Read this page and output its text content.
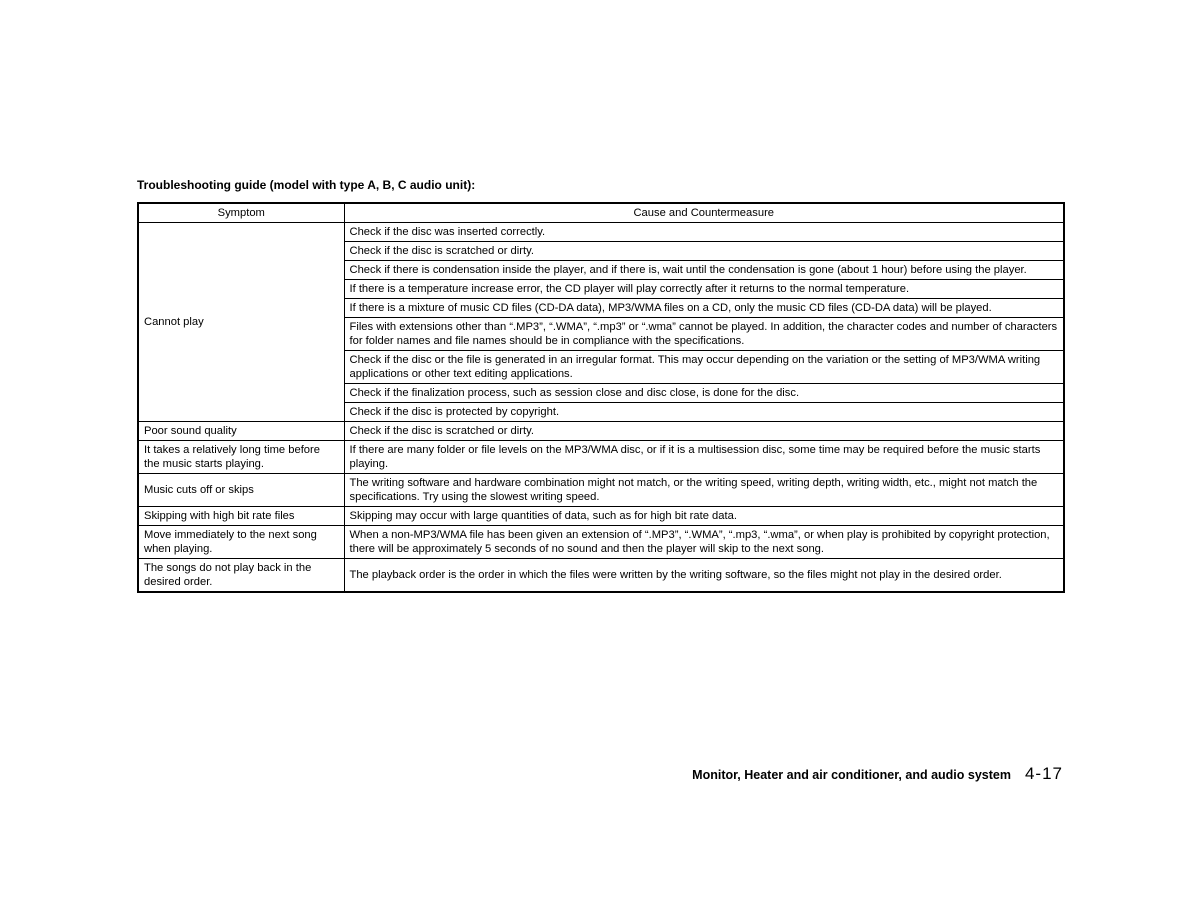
Troubleshooting guide (model with type A, B, C audio unit):
Symptom	Cause and Countermeasure
Cannot play	Check if the disc was inserted correctly.
	Check if the disc is scratched or dirty.
	Check if there is condensation inside the player, and if there is, wait until the condensation is gone (about 1 hour) before using the player.
	If there is a temperature increase error, the CD player will play correctly after it returns to the normal temperature.
	If there is a mixture of music CD files (CD-DA data), MP3/WMA files on a CD, only the music CD files (CD-DA data) will be played.
	Files with extensions other than “.MP3”, “.WMA”, “.mp3” or “.wma” cannot be played. In addition, the character codes and number of characters for folder names and file names should be in compliance with the specifications.
	Check if the disc or the file is generated in an irregular format. This may occur depending on the variation or the setting of MP3/WMA writing applications or other text editing applications.
	Check if the finalization process, such as session close and disc close, is done for the disc.
	Check if the disc is protected by copyright.
Poor sound quality	Check if the disc is scratched or dirty.
It takes a relatively long time before the music starts playing.	If there are many folder or file levels on the MP3/WMA disc, or if it is a multisession disc, some time may be required before the music starts playing.
Music cuts off or skips	The writing software and hardware combination might not match, or the writing speed, writing depth, writing width, etc., might not match the specifications. Try using the slowest writing speed.
Skipping with high bit rate files	Skipping may occur with large quantities of data, such as for high bit rate data.
Move immediately to the next song when playing.	When a non-MP3/WMA file has been given an extension of “.MP3”, “.WMA”, “.mp3, “.wma”, or when play is prohibited by copyright protection, there will be approximately 5 seconds of no sound and then the player will skip to the next song.
The songs do not play back in the desired order.	The playback order is the order in which the files were written by the writing software, so the files might not play in the desired order.
Monitor, Heater and air conditioner, and audio system 4-17
